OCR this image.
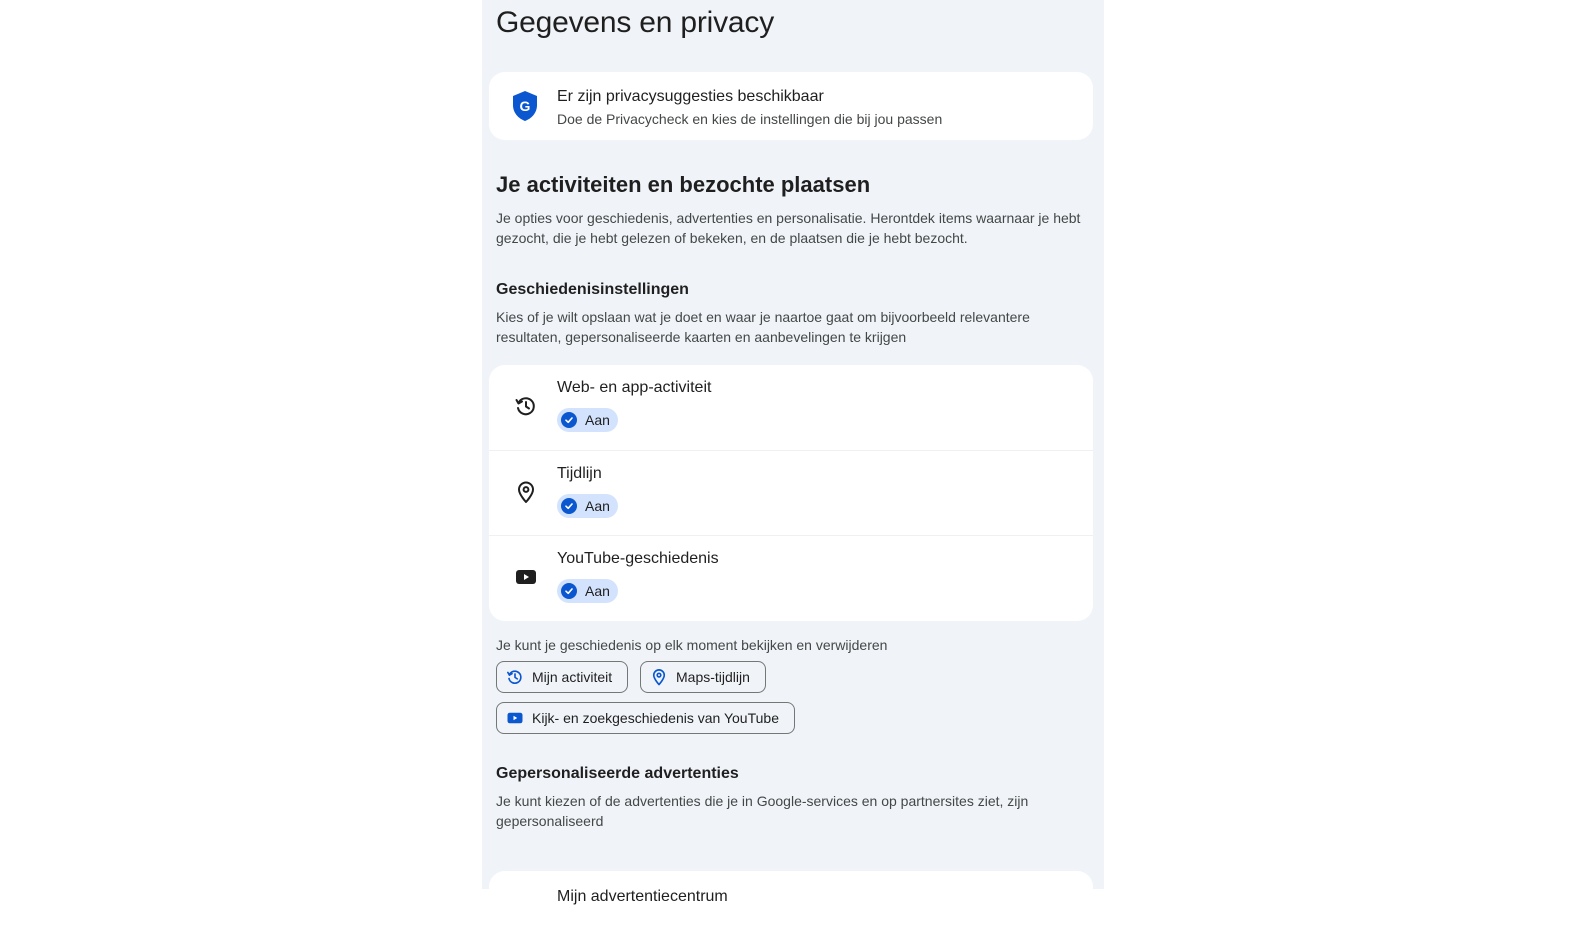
Gegevens en privacy
G
Er zijn privacysuggesties beschikbaar
Doe de Privacycheck en kies de instellingen die bij jou passen
Je activiteiten en bezochte plaatsen

Je opties voor geschiedenis, advertenties en personalisatie. Herontdek items waarnaar je hebt gezocht, die je hebt gelezen of bekeken, en de plaatsen die je hebt bezocht.

Geschiedenisinstellingen

Kies of je wilt opslaan wat je doet en waar je naartoe gaat om bijvoorbeeld relevantere resultaten, gepersonaliseerde kaarten en aanbevelingen te krijgen

Web- en app-activiteit
Aan
Tijdlijn
Aan
YouTube-geschiedenis
Aan

Je kunt je geschiedenis op elk moment bekijken en verwijderen

Mijn activiteit	Maps-tijdlijn
Kijk- en zoekgeschiedenis van YouTube
Gepersonaliseerde advertenties

Je kunt kiezen of de advertenties die je in Google-services en op partnersites ziet, zijn gepersonaliseerd

Mijn advertentiecentrum
